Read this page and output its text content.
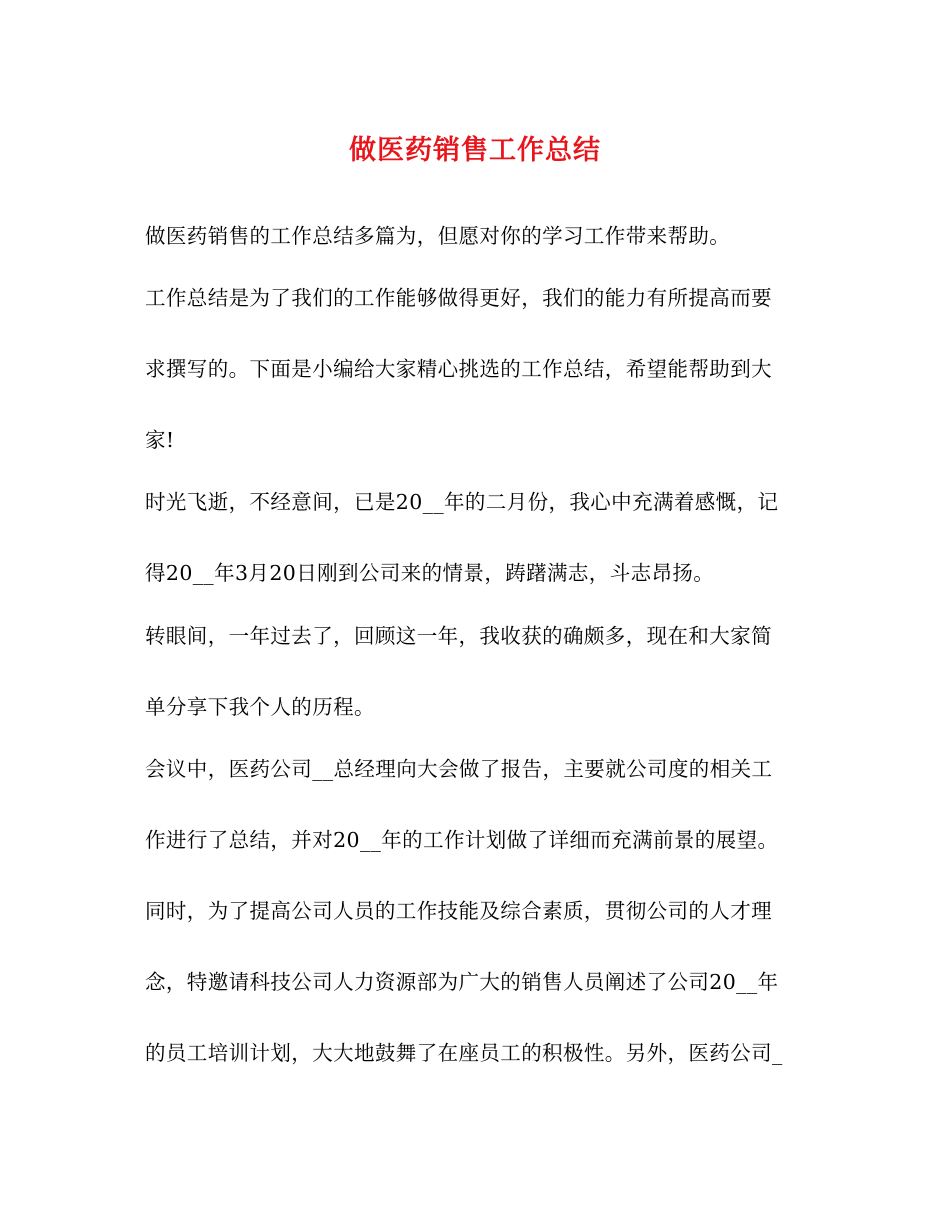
做医药销售工作总结
做医药销售的工作总结多篇为，但愿对你的学习工作带来帮助。
工作总结是为了我们的工作能够做得更好，我们的能力有所提高而要
求撰写的。下面是小编给大家精心挑选的工作总结，希望能帮助到大
家!
时光飞逝，不经意间，已是20__年的二月份，我心中充满着感慨，记
得20__年3月20日刚到公司来的情景，踌躇满志，斗志昂扬。
转眼间，一年过去了，回顾这一年，我收获的确颇多，现在和大家简
单分享下我个人的历程。
会议中，医药公司__总经理向大会做了报告，主要就公司度的相关工
作进行了总结，并对20__年的工作计划做了详细而充满前景的展望。
同时，为了提高公司人员的工作技能及综合素质，贯彻公司的人才理
念，特邀请科技公司人力资源部为广大的销售人员阐述了公司20__年
的员工培训计划，大大地鼓舞了在座员工的积极性。另外，医药公司_
